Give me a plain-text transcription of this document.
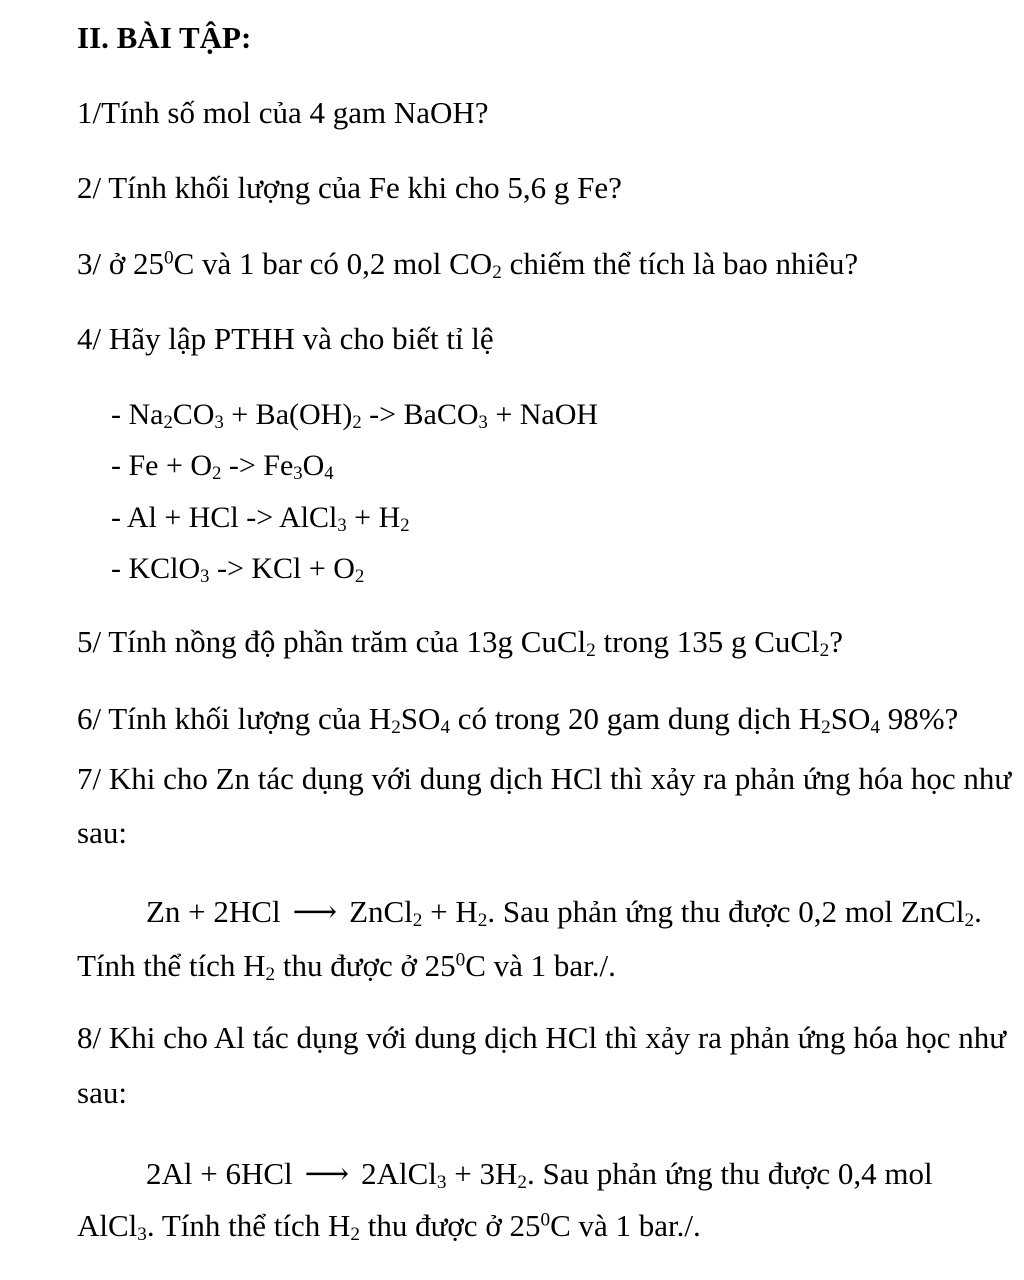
II. BÀI TẬP:
1/Tính số mol của 4 gam NaOH?
2/ Tính khối lượng của Fe khi cho 5,6 g Fe?
3/ ở $25^0C$ và 1 bar có 0,2 mol $CO_2$ chiếm thể tích là bao nhiêu?
4/ Hãy lập PTHH và cho biết tỉ lệ
- $Na_2CO_3 + Ba(OH)_2$ -> BaCO$_3$ + NaOH
- $Fe + O_2 -> Fe_3O_4$
- Al + HCl -> AlCl$_3$ + $H_2$
- KClO$_3$ -> KCl + $O_2$
5/ Tính nồng độ phần trăm của 13g CuCl$_2$ trong 135 g CuCl$_2$?
6/ Tính khối lượng của $H_2SO_4$ có trong 20 gam dung dịch $H_2SO_4$ 98%?
7/ Khi cho Zn tác dụng với dung dịch HCl thì xảy ra phản ứng hóa học như
sau:
Zn + 2HCl ⟶ ZnCl$_2$ + $H_2$. Sau phản ứng thu được 0,2 mol ZnCl$_2$.
Tính thể tích $H_2$ thu được ở $25^0C$ và 1 bar./.
8/ Khi cho Al tác dụng với dung dịch HCl thì xảy ra phản ứng hóa học như
sau:
2Al + 6HCl ⟶ 2AlCl$_3$ + $3H_2$. Sau phản ứng thu được 0,4 mol
AlCl$_3$. Tính thể tích $H_2$ thu được ở $25^0C$ và 1 bar./.
